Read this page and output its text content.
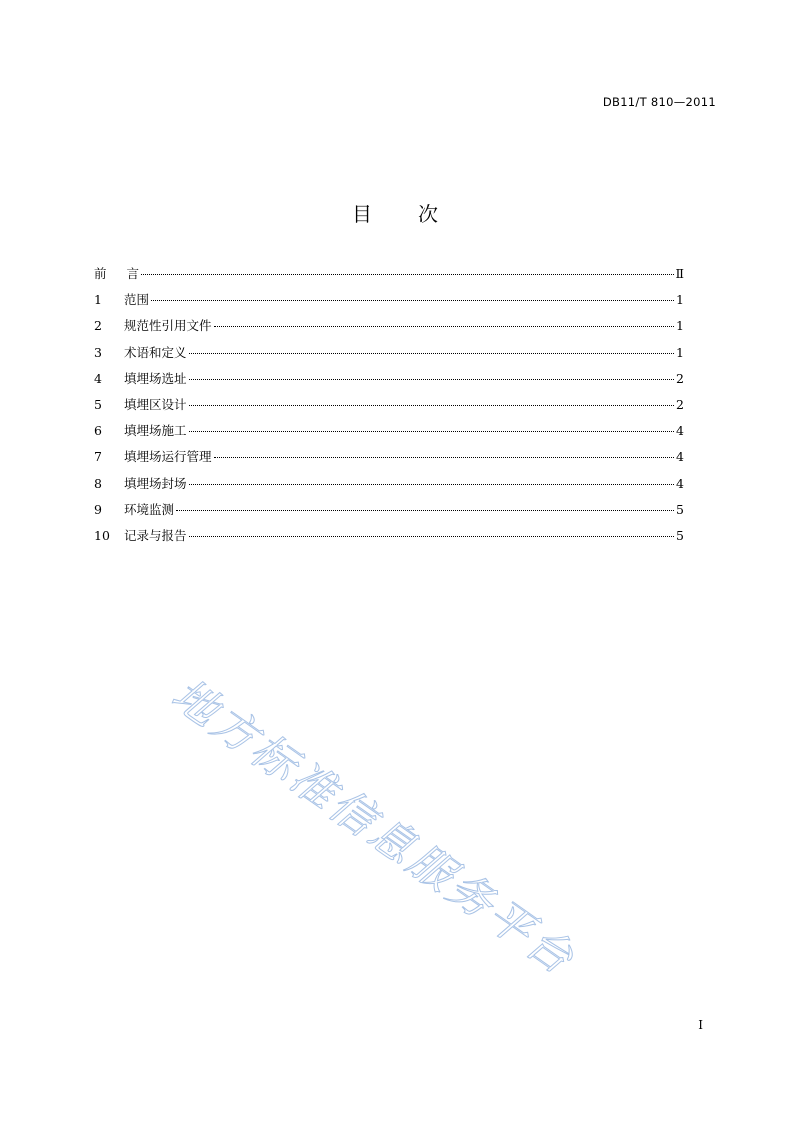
DB11/T 810—2011
目 次
前言	Ⅱ
1	范围	1
2	规范性引用文件	1
3	术语和定义	1
4	填埋场选址	2
5	填埋区设计	2
6	填埋场施工	4
7	填埋场运行管理	4
8	填埋场封场	4
9	环境监测	5
10	记录与报告	5
地方标准信息服务平台
I
